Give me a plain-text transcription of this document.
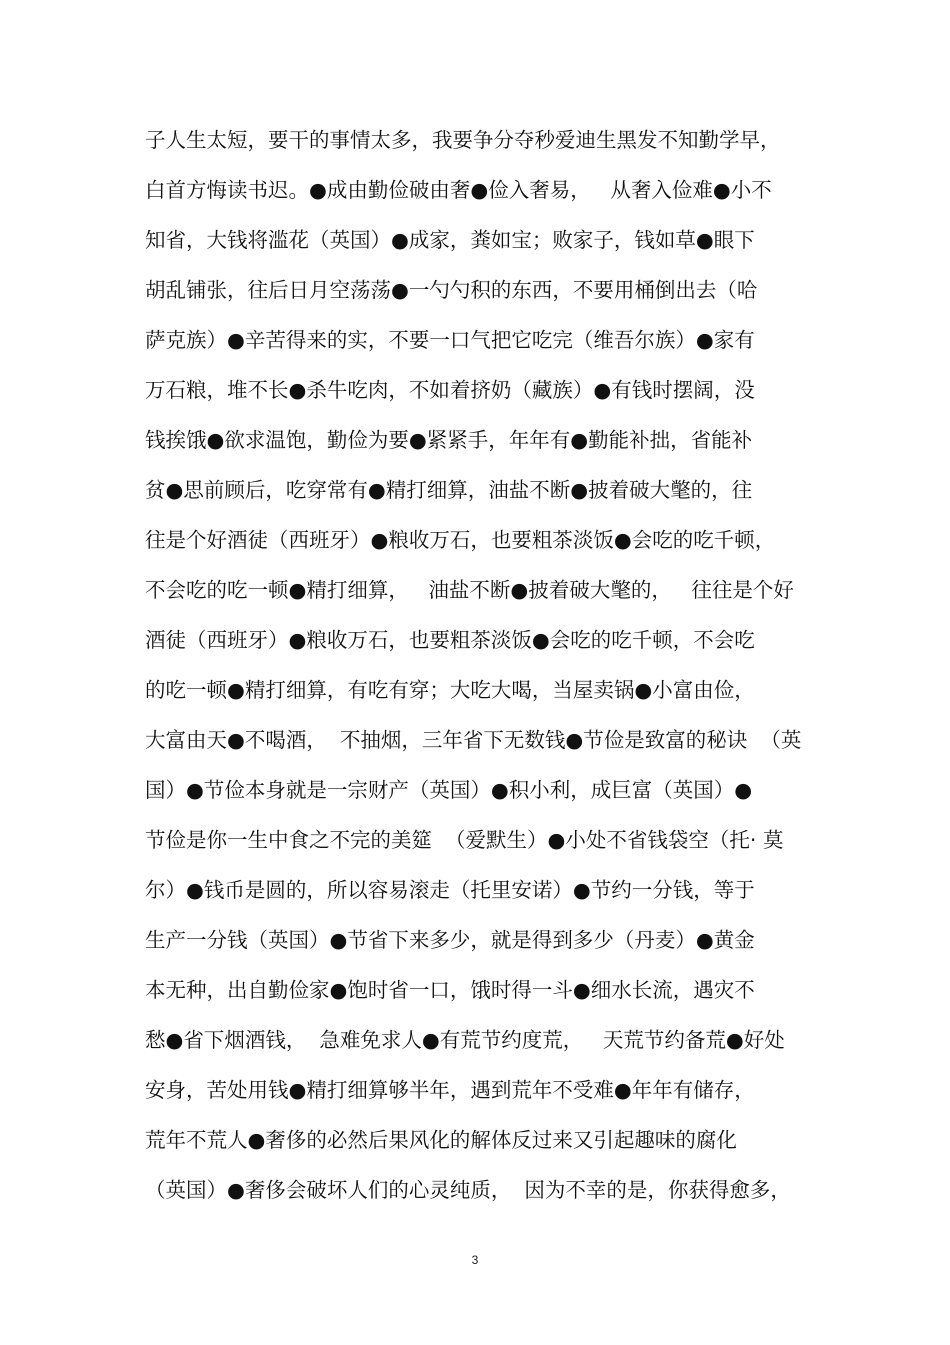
子人生太短，要干的事情太多，我要争分夺秒爱迪生黑发不知勤学早，
白首方悔读书迟。●成由勤俭破由奢●俭入奢易，   从奢入俭难●小不
知省，大钱将滥花（英国）●成家，粪如宝；败家子，钱如草●眼下
胡乱铺张，往后日月空荡荡●一勺勺积的东西，不要用桶倒出去（哈
萨克族）●辛苦得来的实，不要一口气把它吃完（维吾尔族）●家有
万石粮，堆不长●杀牛吃肉，不如着挤奶（藏族）●有钱时摆阔，没
钱挨饿●欲求温饱，勤俭为要●紧紧手，年年有●勤能补拙，省能补
贫●思前顾后，吃穿常有●精打细算，油盐不断●披着破大氅的，往
往是个好酒徒（西班牙）●粮收万石，也要粗茶淡饭●会吃的吃千顿，
不会吃的吃一顿●精打细算，   油盐不断●披着破大氅的，   往往是个好
酒徒（西班牙）●粮收万石，也要粗茶淡饭●会吃的吃千顿，不会吃
的吃一顿●精打细算，有吃有穿；大吃大喝，当屋卖锅●小富由俭，
大富由天●不喝酒，  不抽烟，三年省下无数钱●节俭是致富的秘诀  （英
国）●节俭本身就是一宗财产（英国）●积小利，成巨富（英国）●
节俭是你一生中食之不完的美筵  （爱默生）●小处不省钱袋空（托· 莫
尔）●钱币是圆的，所以容易滚走（托里安诺）●节约一分钱，等于
生产一分钱（英国）●节省下来多少，就是得到多少（丹麦）●黄金
本无种，出自勤俭家●饱时省一口，饿时得一斗●细水长流，遇灾不
愁●省下烟酒钱，  急难免求人●有荒节约度荒，   天荒节约备荒●好处
安身，苦处用钱●精打细算够半年，遇到荒年不受难●年年有储存，
荒年不荒人●奢侈的必然后果风化的解体反过来又引起趣味的腐化
（英国）●奢侈会破坏人们的心灵纯质，  因为不幸的是，你获得愈多，
3
